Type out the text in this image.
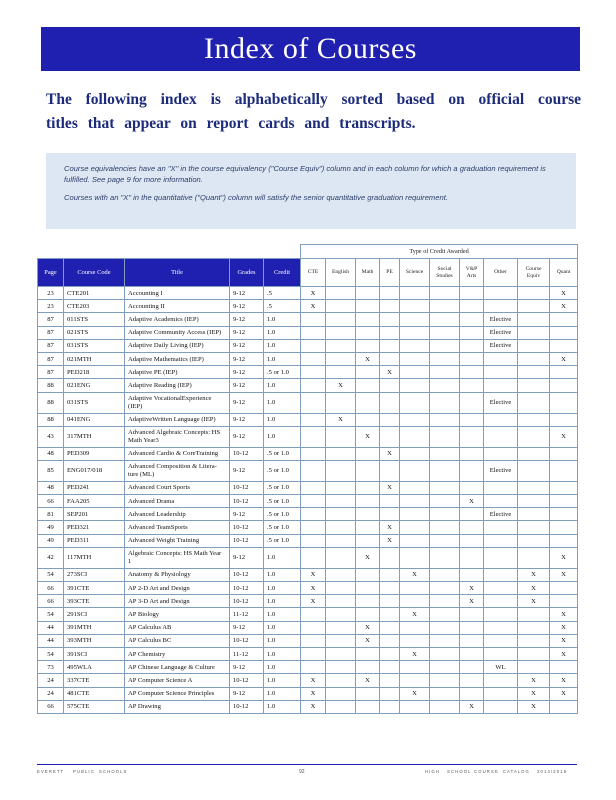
Index of Courses
The following index is alphabetically sorted based on official course titles that appear on report cards and transcripts.

Course equivalencies have an "X" in the course equivalency ("Course Equiv") column and in each column for which a graduation requirement is fulfilled. See page 9 for more information.

Courses with an "X" in the quantitative ("Quant") column will satisfy the senior quantitative graduation requirement.

					Type of Credit Awarded									
Page	Course Code	Title	Grades	Credit	CTE	English	Math	PE	Science	Social Studies	V&P Arts	Other	Course Equiv	Quant
23	CTE201	Accounting I	9-12	.5	X									X
23	CTE203	Accounting II	9-12	.5	X									X
87	011STS	Adaptive Academics (IEP)	9-12	1.0								Elective		
87	021STS	Adaptive Community Access (IEP)	9-12	1.0								Elective		
87	031STS	Adaptive Daily Living (IEP)	9-12	1.0								Elective		
87	021MTH	Adaptive Mathematics (IEP)	9-12	1.0			X							X
87	PED218	Adaptive PE (IEP)	9-12	.5 or 1.0				X						
88	021ENG	Adaptive Reading (IEP)	9-12	1.0		X								
88	031STS	Adaptive VocationalExperience (IEP)	9-12	1.0								Elective		
88	041ENG	AdaptiveWritten Language (IEP)	9-12	1.0		X								
43	317MTH	Advanced Algebraic Concepts: HS Math Year3	9-12	1.0			X							X
48	PED309	Advanced Cardio & CoreTraining	10-12	.5 or 1.0				X						
85	ENG017/018	Advanced Composition & Litera- ture (ML)	9-12	.5 or 1.0								Elective		
48	PED241	Advanced Court Sports	10-12	.5 or 1.0				X						
66	FAA205	Advanced Drama	10-12	.5 or 1.0							X			
81	SEP201	Advanced Leadership	9-12	.5 or 1.0								Elective		
49	PED321	Advanced TeamSports	10-12	.5 or 1.0				X						
49	PED311	Advanced Weight Training	10-12	.5 or 1.0				X						
42	117MTH	Algebraic Concepts: HS Math Year 1	9-12	1.0			X							X
54	273SCI	Anatomy & Physiology	10-12	1.0	X				X				X	X
66	391CTE	AP 2-D Art and Design	10-12	1.0	X						X		X	
66	393CTE	AP 3-D Art and Design	10-12	1.0	X						X		X	
54	291SCI	AP Biology	11-12	1.0					X					X
44	391MTH	AP Calculus AB	9-12	1.0			X							X
44	393MTH	AP Calculus BC	10-12	1.0			X							X
54	391SCI	AP Chemistry	11-12	1.0					X					X
73	495WLA	AP Chinese Language & Culture	9-12	1.0								WL		
24	337CTE	AP Computer Science A	10-12	1.0	X		X						X	X
24	481CTE	AP Computer Science Principles	9-12	1.0	X				X				X	X
66	575CTE	AP Drawing	10-12	1.0	X						X		X	
E V E R E T T P U B L I C S C H O O L S	92	H I G H S C H O O L C O U R S E C A T A L O G 2 0 1 4 / 2 0 1 5
